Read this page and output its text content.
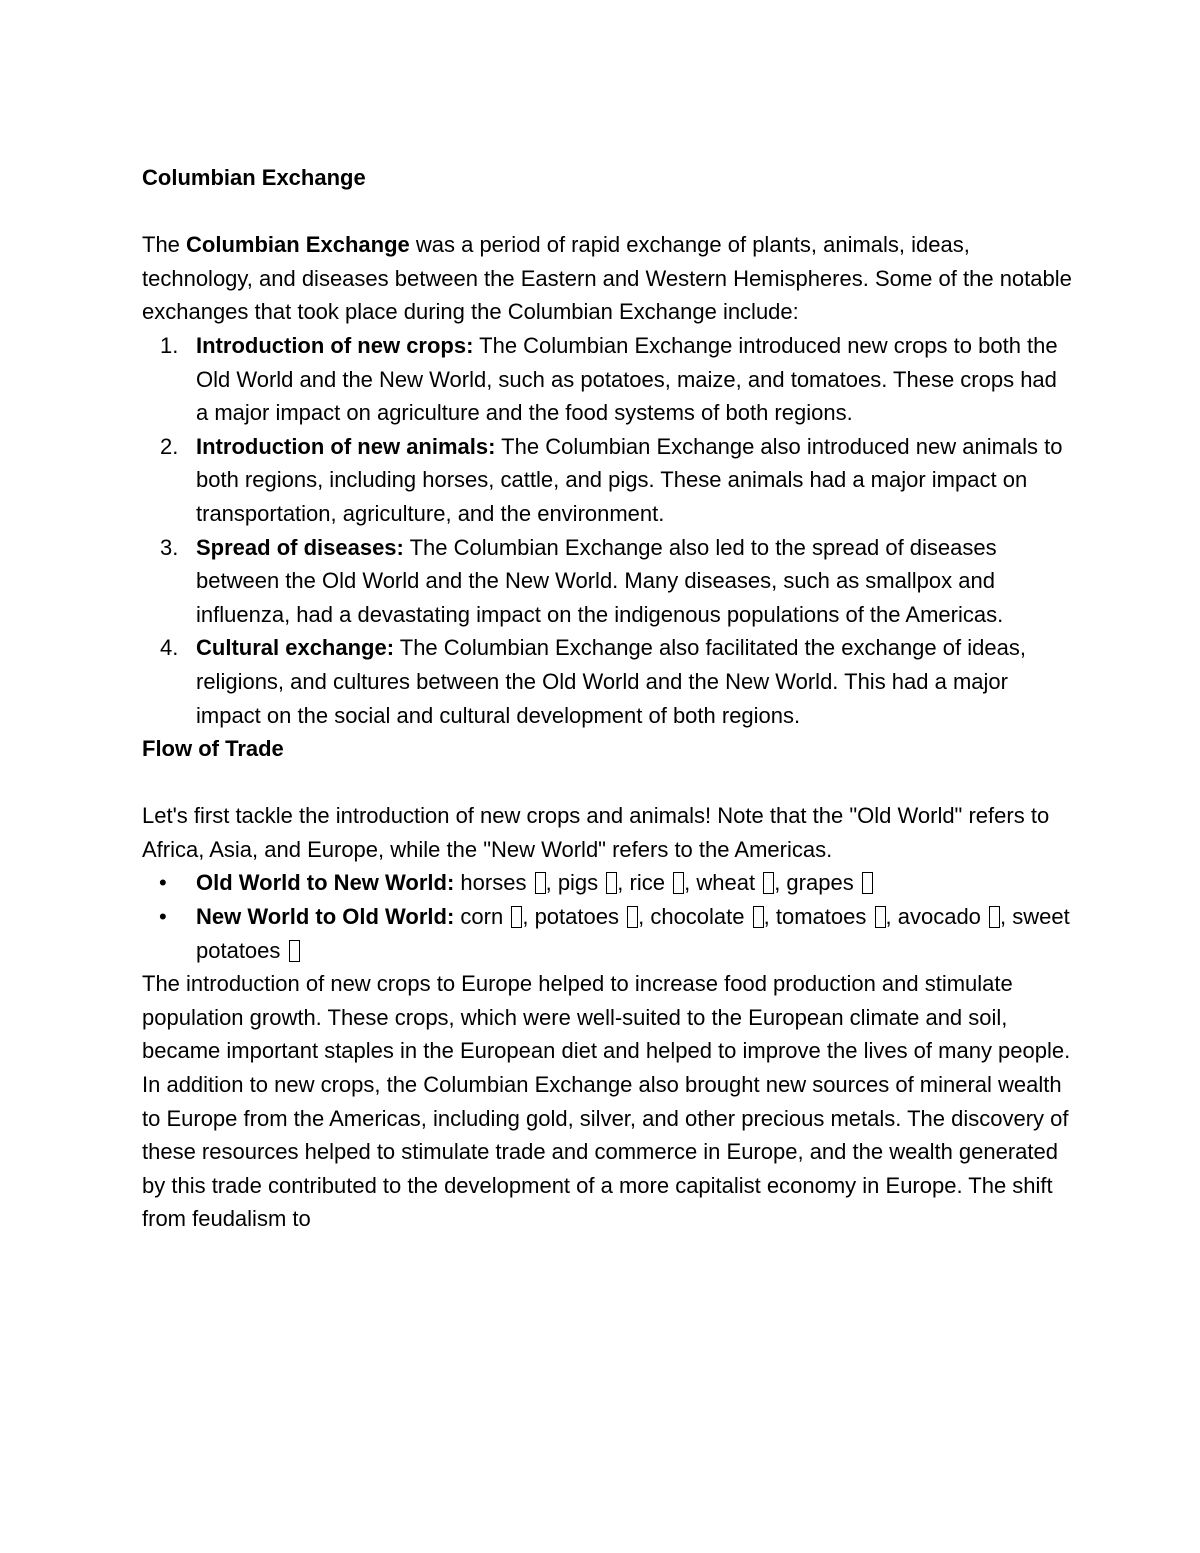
Columbian Exchange

The Columbian Exchange was a period of rapid exchange of plants, animals, ideas, technology, and diseases between the Eastern and Western Hemispheres. Some of the notable exchanges that took place during the Columbian Exchange include:

1. Introduction of new crops: The Columbian Exchange introduced new crops to both the Old World and the New World, such as potatoes, maize, and tomatoes. These crops had a major impact on agriculture and the food systems of both regions.
2. Introduction of new animals: The Columbian Exchange also introduced new animals to both regions, including horses, cattle, and pigs. These animals had a major impact on transportation, agriculture, and the environment.
3. Spread of diseases: The Columbian Exchange also led to the spread of diseases between the Old World and the New World. Many diseases, such as smallpox and influenza, had a devastating impact on the indigenous populations of the Americas.
4. Cultural exchange: The Columbian Exchange also facilitated the exchange of ideas, religions, and cultures between the Old World and the New World. This had a major impact on the social and cultural development of both regions.

Flow of Trade

Let's first tackle the introduction of new crops and animals! Note that the "Old World" refers to Africa, Asia, and Europe, while the "New World" refers to the Americas.

• Old World to New World: horses , pigs , rice , wheat , grapes
• New World to Old World: corn , potatoes , chocolate , tomatoes , avocado , sweet potatoes

The introduction of new crops to Europe helped to increase food production and stimulate population growth. These crops, which were well-suited to the European climate and soil, became important staples in the European diet and helped to improve the lives of many people.

In addition to new crops, the Columbian Exchange also brought new sources of mineral wealth to Europe from the Americas, including gold, silver, and other precious metals. The discovery of these resources helped to stimulate trade and commerce in Europe, and the wealth generated by this trade contributed to the development of a more capitalist economy in Europe. The shift from feudalism to
